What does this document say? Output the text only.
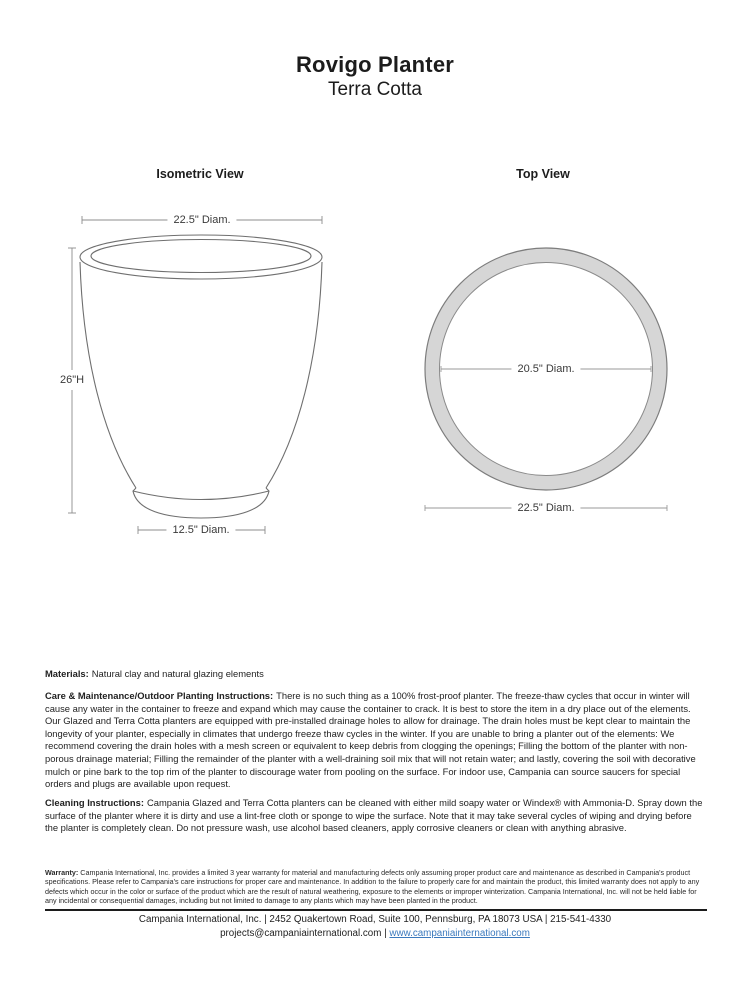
Rovigo Planter
Terra Cotta
Isometric View	Top View
22.5" Diam.
26"H
12.5" Diam.
20.5" Diam.
22.5" Diam.

Materials: Natural clay and natural glazing elements

Care & Maintenance/Outdoor Planting Instructions: There is no such thing as a 100% frost-proof planter. The freeze-thaw cycles that occur in winter will cause any water in the container to freeze and expand which may cause the container to crack. It is best to store the item in a dry place out of the elements. Our Glazed and Terra Cotta planters are equipped with pre-installed drainage holes to allow for drainage. The drain holes must be kept clear to maintain the longevity of your planter, especially in climates that undergo freeze thaw cycles in the winter. If you are unable to bring a planter out of the elements: We recommend covering the drain holes with a mesh screen or equivalent to keep debris from clogging the openings; Filling the bottom of the planter with non-porous drainage material; Filling the remainder of the planter with a well-draining soil mix that will not retain water; and lastly, covering the soil with decorative mulch or pine bark to the top rim of the planter to discourage water from pooling on the surface. For indoor use, Campania can source saucers for special orders and plugs are available upon request.

Cleaning Instructions: Campania Glazed and Terra Cotta planters can be cleaned with either mild soapy water or Windex® with Ammonia-D. Spray down the surface of the planter where it is dirty and use a lint-free cloth or sponge to wipe the surface. Note that it may take several cycles of wiping and drying before the planter is completely clean. Do not pressure wash, use alcohol based cleaners, apply corrosive cleaners or clean with anything abrasive.

Warranty: Campania International, Inc. provides a limited 3 year warranty for material and manufacturing defects only assuming proper product care and maintenance as described in Campania's product specifications. Please refer to Campania's care instructions for proper care and maintenance. In addition to the failure to properly care for and maintain the product, this limited warranty does not apply to any defects which occur in the color or surface of the product which are the result of natural weathering, exposure to the elements or improper winterization. Campania International, Inc. will not be held liable for any incidental or consequential damages, including but not limited to damage to any plants which may have been planted in the product.

Campania International, Inc. | 2452 Quakertown Road, Suite 100, Pennsburg, PA 18073 USA | 215-541-4330
projects@campaniainternational.com | www.campaniainternational.com
